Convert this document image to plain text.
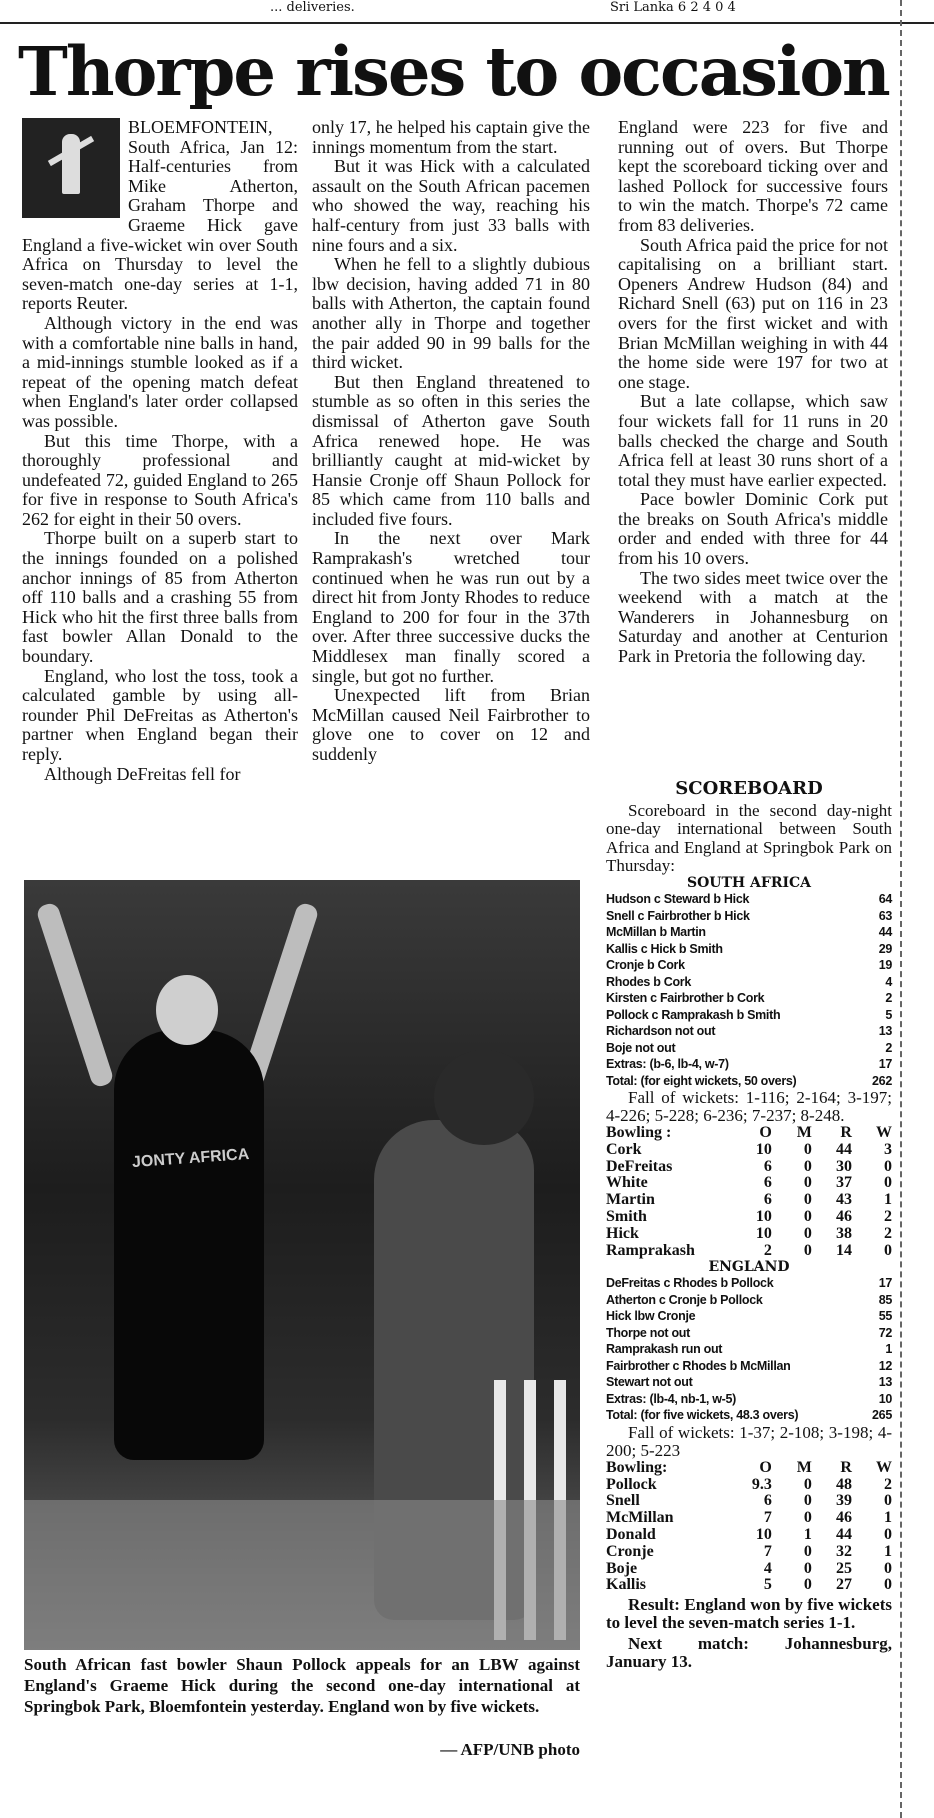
... deliveries.	Sri Lanka 6 2 4 0 4
Thorpe rises to occasion

BLOEMFONTEIN, South Africa, Jan 12: Half-centuries from Mike Atherton, Graham Thorpe and Graeme Hick gave England a five-wicket win over South Africa on Thursday to level the seven-match one-day series at 1-1, reports Reuter.

Although victory in the end was with a comfortable nine balls in hand, a mid-innings stumble looked as if a repeat of the opening match defeat when England's later order collapsed was possible.

But this time Thorpe, with a thoroughly professional and undefeated 72, guided England to 265 for five in response to South Africa's 262 for eight in their 50 overs.

Thorpe built on a superb start to the innings founded on a polished anchor innings of 85 from Atherton off 110 balls and a crashing 55 from Hick who hit the first three balls from fast bowler Allan Donald to the boundary.

England, who lost the toss, took a calculated gamble by using all-rounder Phil DeFreitas as Atherton's partner when England began their reply.

Although DeFreitas fell for

only 17, he helped his captain give the innings momentum from the start.

But it was Hick with a calculated assault on the South African pacemen who showed the way, reaching his half-century from just 33 balls with nine fours and a six.

When he fell to a slightly dubious lbw decision, having added 71 in 80 balls with Atherton, the captain found another ally in Thorpe and together the pair added 90 in 99 balls for the third wicket.

But then England threatened to stumble as so often in this series the dismissal of Atherton gave South Africa renewed hope. He was brilliantly caught at mid-wicket by Hansie Cronje off Shaun Pollock for 85 which came from 110 balls and included five fours.

In the next over Mark Ramprakash's wretched tour continued when he was run out by a direct hit from Jonty Rhodes to reduce England to 200 for four in the 37th over. After three successive ducks the Middlesex man finally scored a single, but got no further.

Unexpected lift from Brian McMillan caused Neil Fairbrother to glove one to cover on 12 and suddenly

England were 223 for five and running out of overs. But Thorpe kept the scoreboard ticking over and lashed Pollock for successive fours to win the match. Thorpe's 72 came from 83 deliveries.

South Africa paid the price for not capitalising on a brilliant start. Openers Andrew Hudson (84) and Richard Snell (63) put on 116 in 23 overs for the first wicket and with Brian McMillan weighing in with 44 the home side were 197 for two at one stage.

But a late collapse, which saw four wickets fall for 11 runs in 20 balls checked the charge and South Africa fell at least 30 runs short of a total they must have earlier expected.

Pace bowler Dominic Cork put the breaks on South Africa's middle order and ended with three for 44 from his 10 overs.

The two sides meet twice over the weekend with a match at the Wanderers in Johannesburg on Saturday and another at Centurion Park in Pretoria the following day.

JONTY AFRICA
South African fast bowler Shaun Pollock appeals for an LBW against England's Graeme Hick during the second one-day international at Springbok Park, Bloemfontein yesterday. England won by five wickets.
— AFP/UNB photo
SCOREBOARD
Scoreboard in the second day-night one-day international between South Africa and England at Springbok Park on Thursday:
SOUTH AFRICA
Hudson c Steward b Hick	64
Snell c Fairbrother b Hick	63
McMillan b Martin	44
Kallis c Hick b Smith	29
Cronje b Cork	19
Rhodes b Cork	4
Kirsten c Fairbrother b Cork	2
Pollock c Ramprakash b Smith	5
Richardson not out	13
Boje not out	2
Extras: (b-6, lb-4, w-7)	17
Total: (for eight wickets, 50 overs)	262
Fall of wickets: 1-116; 2-164; 3-197; 4-226; 5-228; 6-236; 7-237; 8-248.
Bowling :	O	M	R	W
Cork	10	0	44	3
DeFreitas	6	0	30	0
White	6	0	37	0
Martin	6	0	43	1
Smith	10	0	46	2
Hick	10	0	38	2
Ramprakash	2	0	14	0
ENGLAND
DeFreitas c Rhodes b Pollock	17
Atherton c Cronje b Pollock	85
Hick lbw Cronje	55
Thorpe not out	72
Ramprakash run out	1
Fairbrother c Rhodes b McMillan	12
Stewart not out	13
Extras: (lb-4, nb-1, w-5)	10
Total: (for five wickets, 48.3 overs)	265
Fall of wickets: 1-37; 2-108; 3-198; 4-200; 5-223
Bowling:	O	M	R	W
Pollock	9.3	0	48	2
Snell	6	0	39	0
McMillan	7	0	46	1
Donald	10	1	44	0
Cronje	7	0	32	1
Boje	4	0	25	0
Kallis	5	0	27	0
Result: England won by five wickets to level the seven-match series 1-1.
Next match: Johannesburg, January 13.
